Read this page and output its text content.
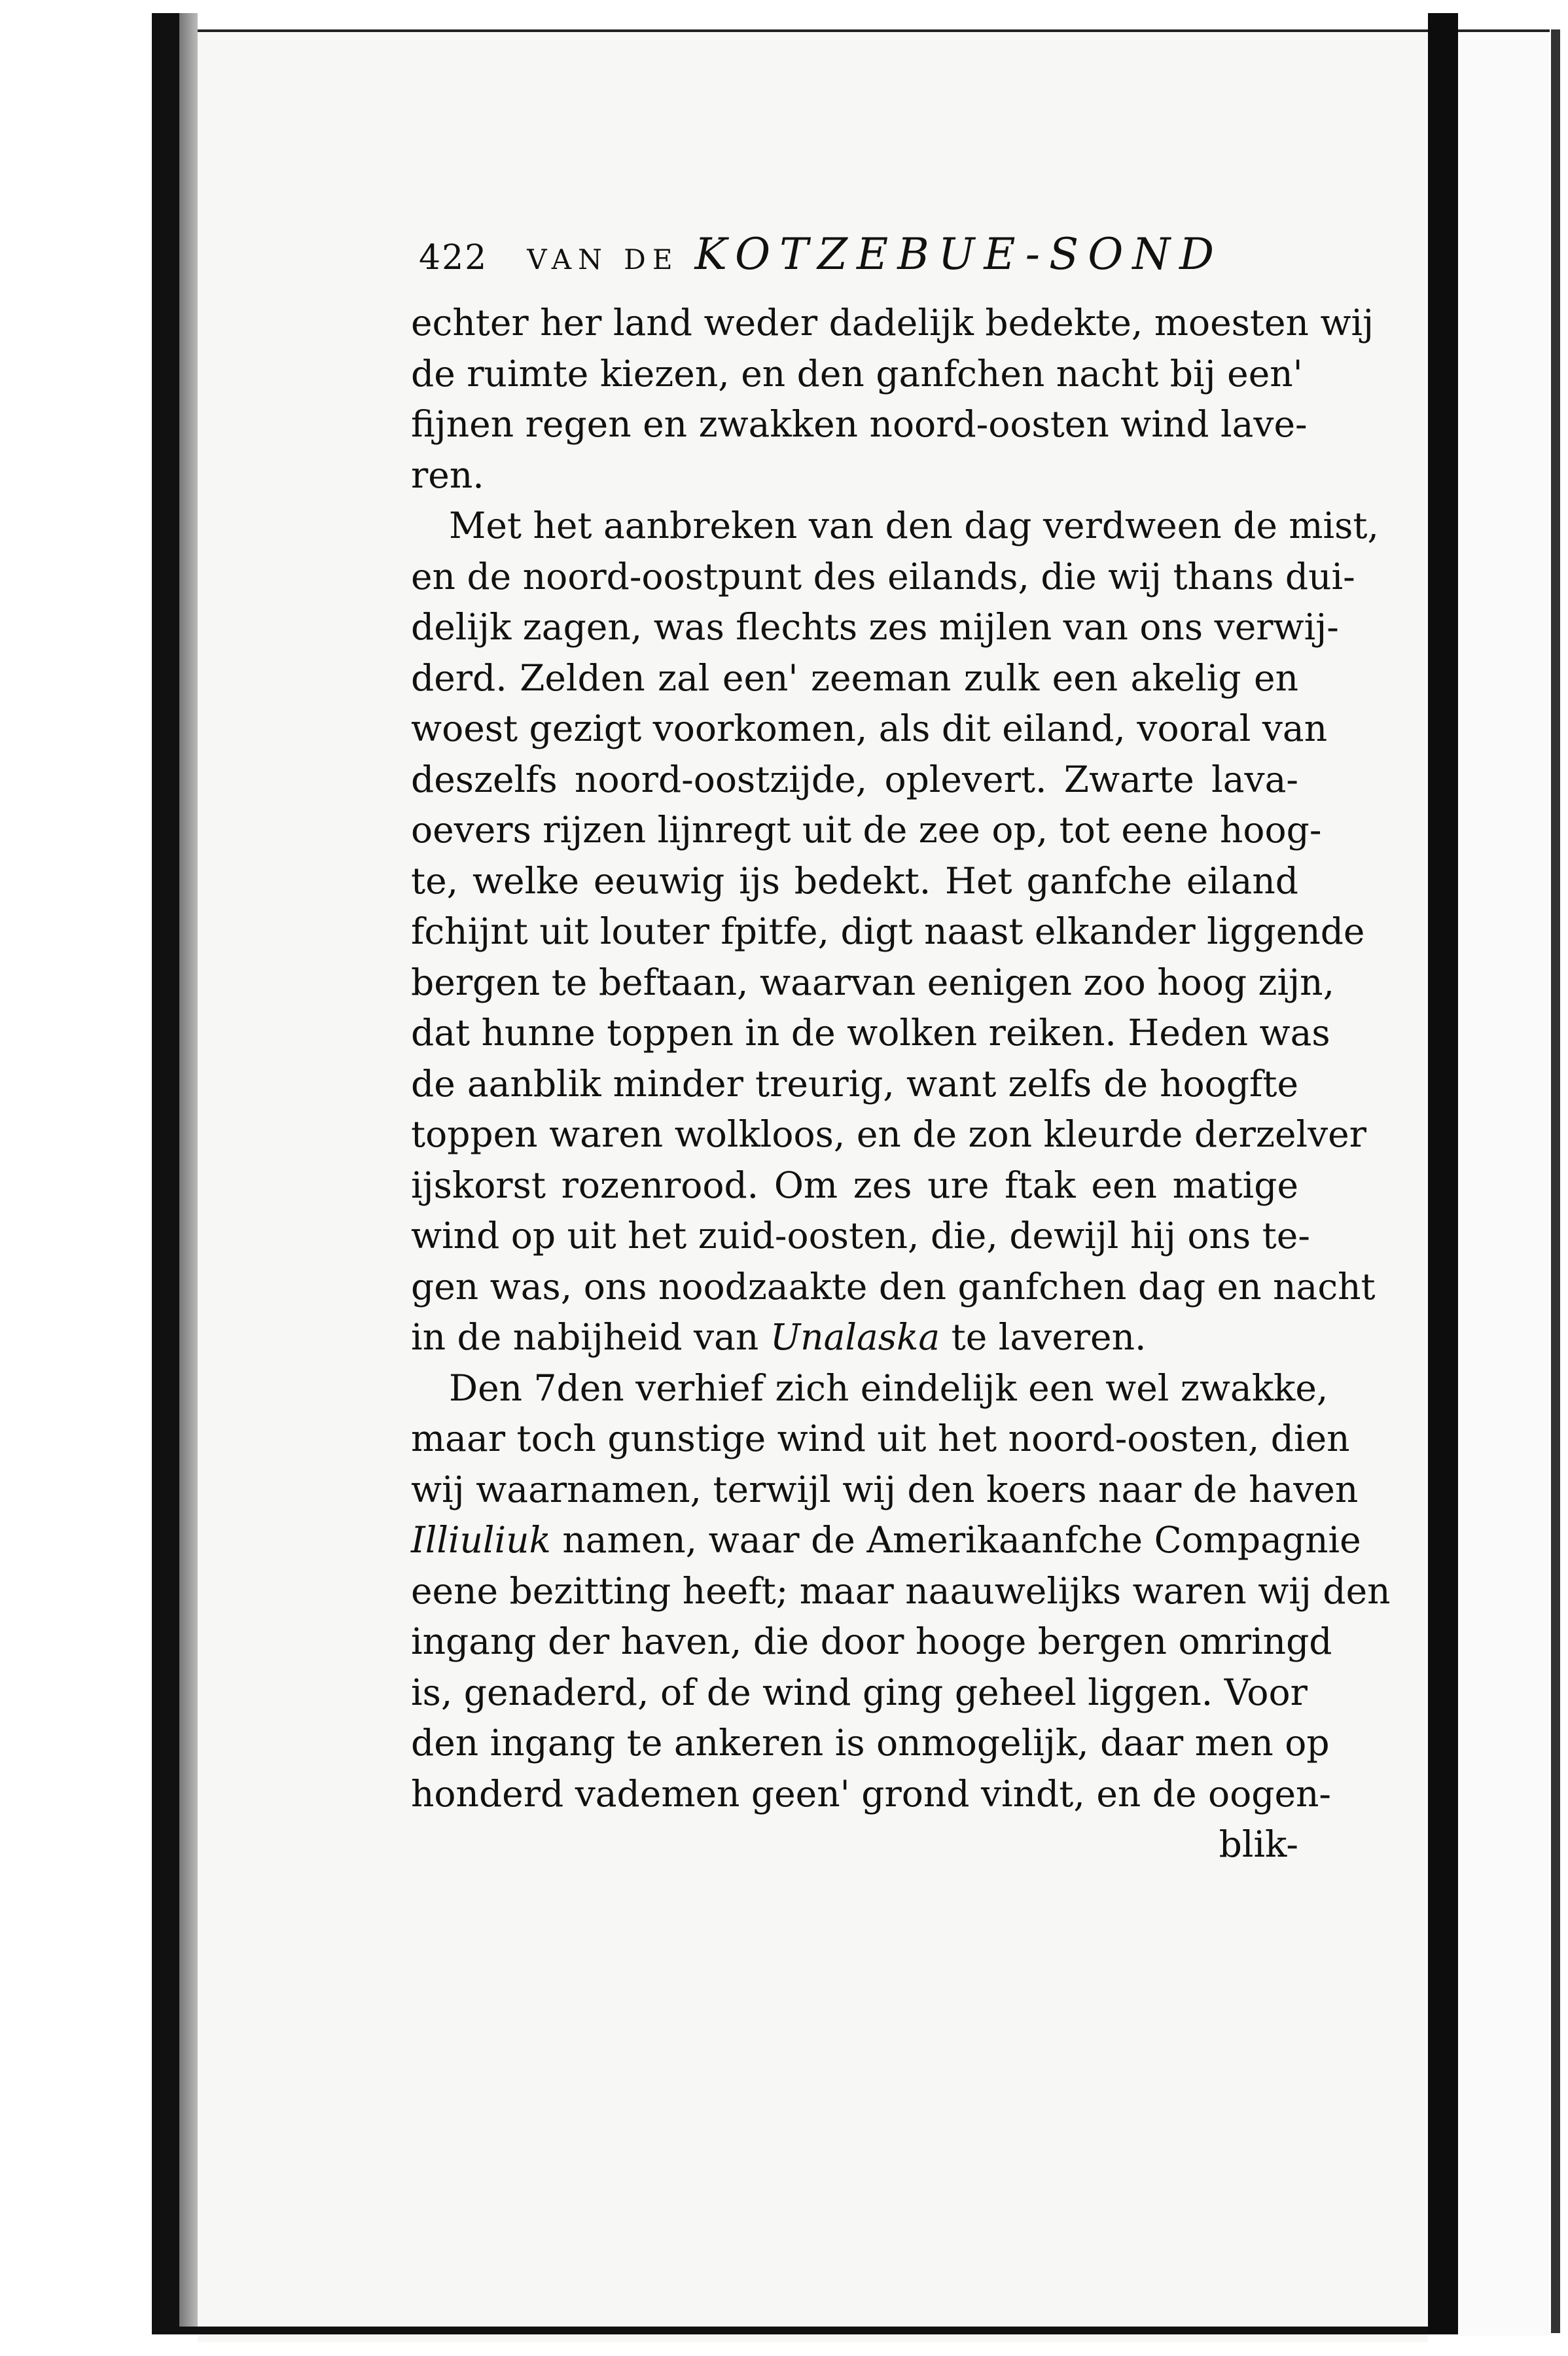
422 VAN DE KOTZEBUE-SOND
echter her land weder dadelijk bedekte, moesten wij
de ruimte kiezen, en den ganfchen nacht bij een'
fijnen regen en zwakken noord-oosten wind lave-
ren.
Met het aanbreken van den dag verdween de mist,
en de noord-oostpunt des eilands, die wij thans dui-
delijk zagen, was flechts zes mijlen van ons verwij-
derd. Zelden zal een' zeeman zulk een akelig en
woest gezigt voorkomen, als dit eiland, vooral van
deszelfs noord-oostzijde, oplevert. Zwarte lava-
oevers rijzen lijnregt uit de zee op, tot eene hoog-
te, welke eeuwig ijs bedekt. Het ganfche eiland
fchijnt uit louter fpitfe, digt naast elkander liggende
bergen te beftaan, waarvan eenigen zoo hoog zijn,
dat hunne toppen in de wolken reiken. Heden was
de aanblik minder treurig, want zelfs de hoogfte
toppen waren wolkloos, en de zon kleurde derzelver
ijskorst rozenrood. Om zes ure ftak een matige
wind op uit het zuid-oosten, die, dewijl hij ons te-
gen was, ons noodzaakte den ganfchen dag en nacht
in de nabijheid van Unalaska te laveren.
Den 7den verhief zich eindelijk een wel zwakke,
maar toch gunstige wind uit het noord-oosten, dien
wij waarnamen, terwijl wij den koers naar de haven
Illiuliuk namen, waar de Amerikaanfche Compagnie
eene bezitting heeft; maar naauwelijks waren wij den
ingang der haven, die door hooge bergen omringd
is, genaderd, of de wind ging geheel liggen. Voor
den ingang te ankeren is onmogelijk, daar men op
honderd vademen geen' grond vindt, en de oogen-
blik-
